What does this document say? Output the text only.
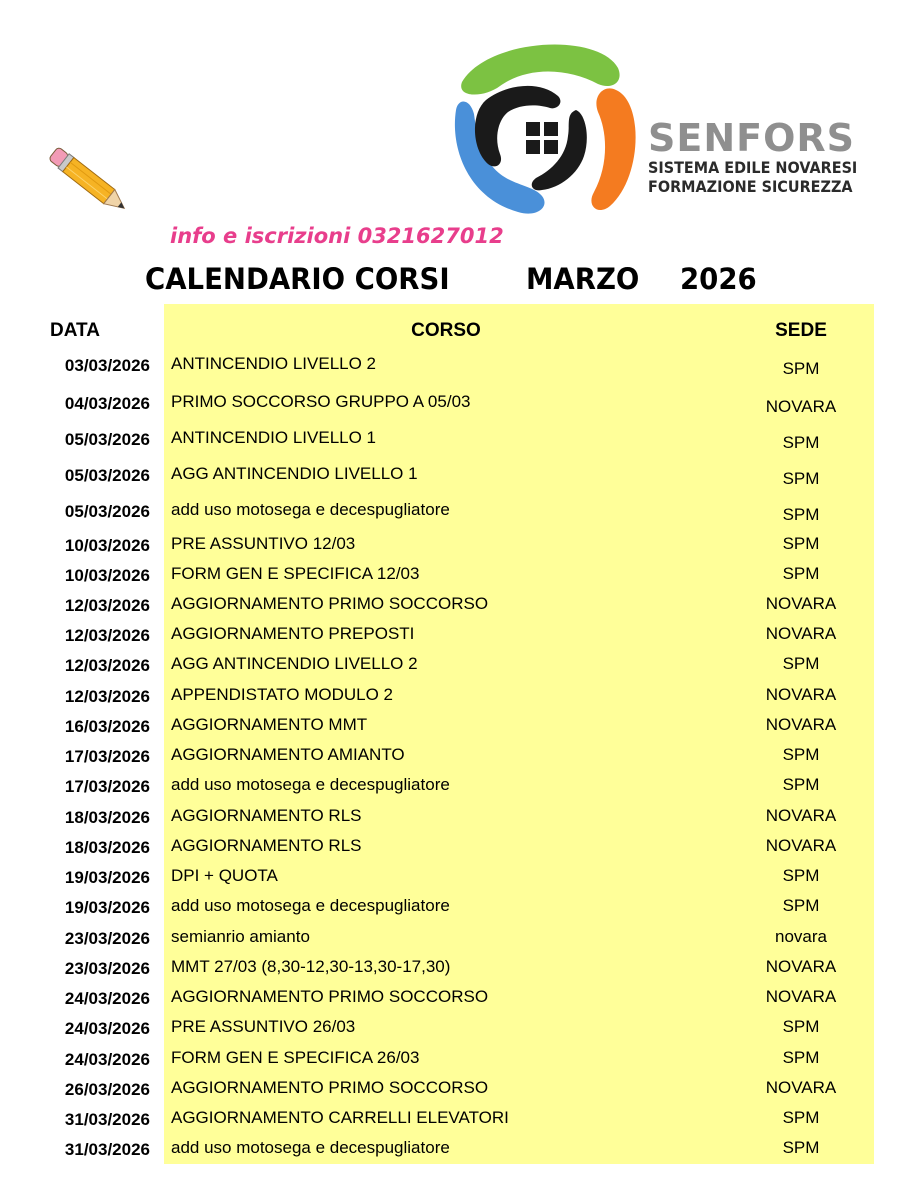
SENFORS
SISTEMA EDILE NOVARESI
FORMAZIONE SICUREZZA
info e iscrizioni 0321627012
CALENDARIO CORSI	MARZO 2026
DATA	CORSO	SEDE
03/03/2026 ANTINCENDIO LIVELLO 2	SPM
04/03/2026 PRIMO SOCCORSO GRUPPO A 05/03	NOVARA
05/03/2026 ANTINCENDIO LIVELLO 1	SPM
05/03/2026 AGG ANTINCENDIO LIVELLO 1	SPM
05/03/2026 add uso motosega e decespugliatore	SPM
10/03/2026 PRE ASSUNTIVO 12/03	SPM
10/03/2026 FORM GEN E SPECIFICA 12/03	SPM
12/03/2026 AGGIORNAMENTO PRIMO SOCCORSO	NOVARA
12/03/2026 AGGIORNAMENTO PREPOSTI	NOVARA
12/03/2026 AGG ANTINCENDIO LIVELLO 2	SPM
12/03/2026 APPENDISTATO MODULO 2	NOVARA
16/03/2026 AGGIORNAMENTO MMT	NOVARA
17/03/2026 AGGIORNAMENTO AMIANTO	SPM
17/03/2026 add uso motosega e decespugliatore	SPM
18/03/2026 AGGIORNAMENTO RLS	NOVARA
18/03/2026 AGGIORNAMENTO RLS	NOVARA
19/03/2026 DPI + QUOTA	SPM
19/03/2026 add uso motosega e decespugliatore	SPM
23/03/2026 semianrio amianto	novara
23/03/2026 MMT 27/03 (8,30-12,30-13,30-17,30)	NOVARA
24/03/2026 AGGIORNAMENTO PRIMO SOCCORSO	NOVARA
24/03/2026 PRE ASSUNTIVO 26/03	SPM
24/03/2026 FORM GEN E SPECIFICA 26/03	SPM
26/03/2026 AGGIORNAMENTO PRIMO SOCCORSO	NOVARA
31/03/2026 AGGIORNAMENTO CARRELLI ELEVATORI	SPM
31/03/2026 add uso motosega e decespugliatore	SPM
